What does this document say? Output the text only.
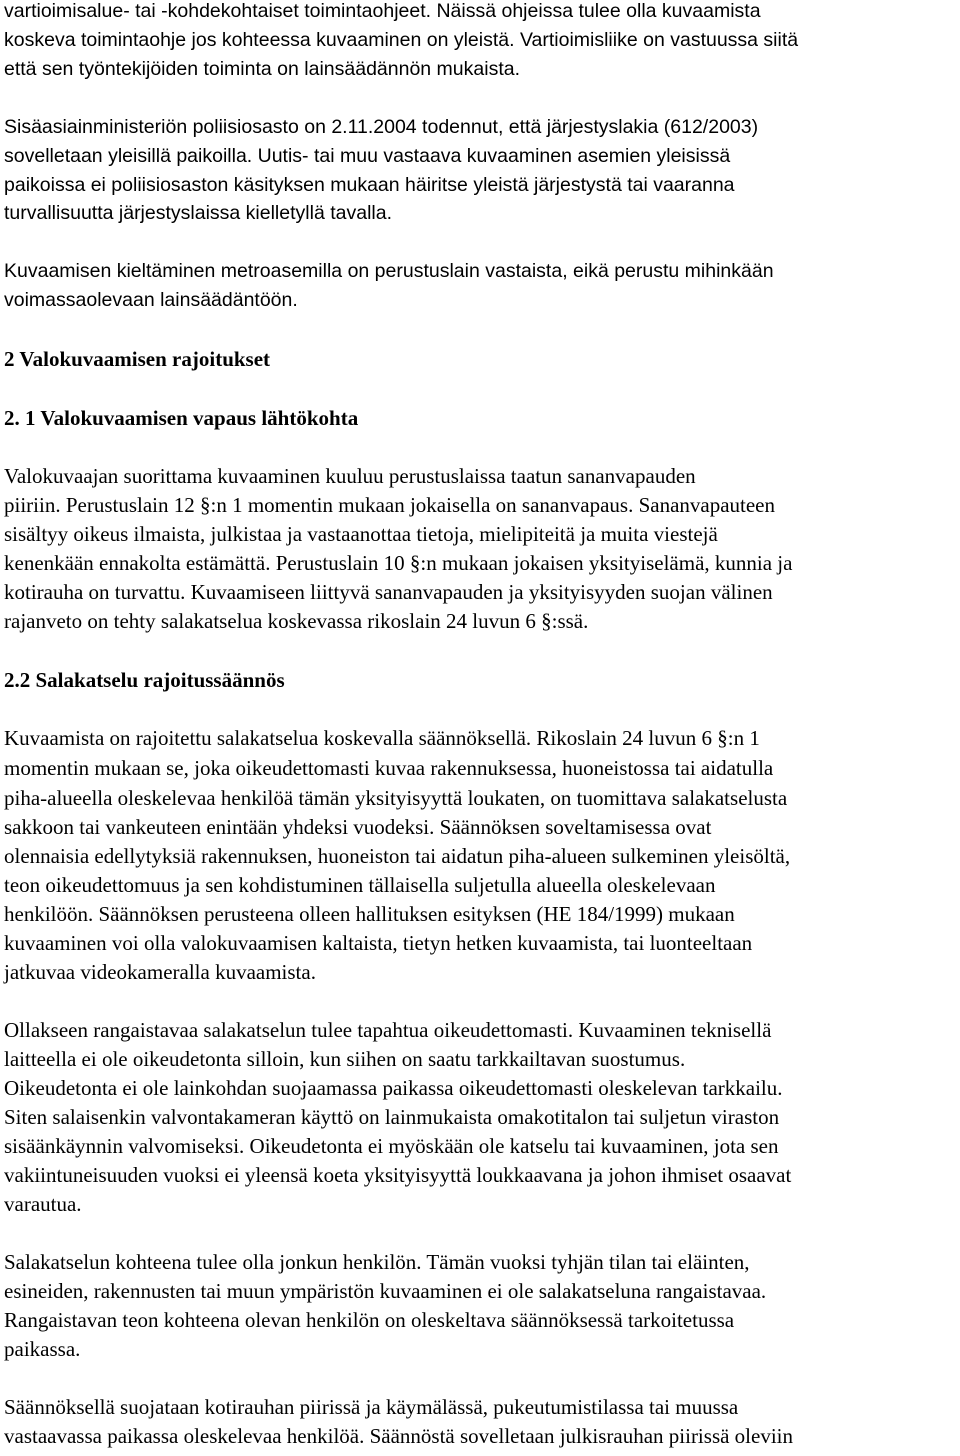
vartioimisalue- tai -kohdekohtaiset toimintaohjeet. Näissä ohjeissa tulee olla kuvaamista
koskeva toimintaohje jos kohteessa kuvaaminen on yleistä. Vartioimisliike on vastuussa siitä
että sen työntekijöiden toiminta on lainsäädännön mukaista.
Sisäasiainministeriön poliisiosasto on 2.11.2004 todennut, että järjestyslakia (612/2003)
sovelletaan yleisillä paikoilla. Uutis- tai muu vastaava kuvaaminen asemien yleisissä
paikoissa ei poliisiosaston käsityksen mukaan häiritse yleistä järjestystä tai vaaranna
turvallisuutta järjestyslaissa kielletyllä tavalla.
Kuvaamisen kieltäminen metroasemilla on perustuslain vastaista, eikä perustu mihinkään
voimassaolevaan lainsäädäntöön.
2 Valokuvaamisen rajoitukset
2. 1 Valokuvaamisen vapaus lähtökohta
Valokuvaajan suorittama kuvaaminen kuuluu perustuslaissa taatun sananvapauden
piiriin. Perustuslain 12 §:n 1 momentin mukaan jokaisella on sananvapaus. Sananvapauteen
sisältyy oikeus ilmaista, julkistaa ja vastaanottaa tietoja, mielipiteitä ja muita viestejä
kenenkään ennakolta estämättä. Perustuslain 10 §:n mukaan jokaisen yksityiselämä, kunnia ja
kotirauha on turvattu. Kuvaamiseen liittyvä sananvapauden ja yksityisyyden suojan välinen
rajanveto on tehty salakatselua koskevassa rikoslain 24 luvun 6 §:ssä.
2.2 Salakatselu rajoitussäännös
Kuvaamista on rajoitettu salakatselua koskevalla säännöksellä. Rikoslain 24 luvun 6 §:n 1
momentin mukaan se, joka oikeudettomasti kuvaa rakennuksessa, huoneistossa tai aidatulla
piha-alueella oleskelevaa henkilöä tämän yksityisyyttä loukaten, on tuomittava salakatselusta
sakkoon tai vankeuteen enintään yhdeksi vuodeksi. Säännöksen soveltamisessa ovat
olennaisia edellytyksiä rakennuksen, huoneiston tai aidatun piha-alueen sulkeminen yleisöltä,
teon oikeudettomuus ja sen kohdistuminen tällaisella suljetulla alueella oleskelevaan
henkilöön. Säännöksen perusteena olleen hallituksen esityksen (HE 184/1999) mukaan
kuvaaminen voi olla valokuvaamisen kaltaista, tietyn hetken kuvaamista, tai luonteeltaan
jatkuvaa videokameralla kuvaamista.
Ollakseen rangaistavaa salakatselun tulee tapahtua oikeudettomasti. Kuvaaminen teknisellä
laitteella ei ole oikeudetonta silloin, kun siihen on saatu tarkkailtavan suostumus.
Oikeudetonta ei ole lainkohdan suojaamassa paikassa oikeudettomasti oleskelevan tarkkailu.
Siten salaisenkin valvontakameran käyttö on lainmukaista omakotitalon tai suljetun viraston
sisäänkäynnin valvomiseksi. Oikeudetonta ei myöskään ole katselu tai kuvaaminen, jota sen
vakiintuneisuuden vuoksi ei yleensä koeta yksityisyyttä loukkaavana ja johon ihmiset osaavat
varautua.
Salakatselun kohteena tulee olla jonkun henkilön. Tämän vuoksi tyhjän tilan tai eläinten,
esineiden, rakennusten tai muun ympäristön kuvaaminen ei ole salakatseluna rangaistavaa.
Rangaistavan teon kohteena olevan henkilön on oleskeltava säännöksessä tarkoitetussa
paikassa.
Säännöksellä suojataan kotirauhan piirissä ja käymälässä, pukeutumistilassa tai muussa
vastaavassa paikassa oleskelevaa henkilöä. Säännöstä sovelletaan julkisrauhan piirissä oleviin
